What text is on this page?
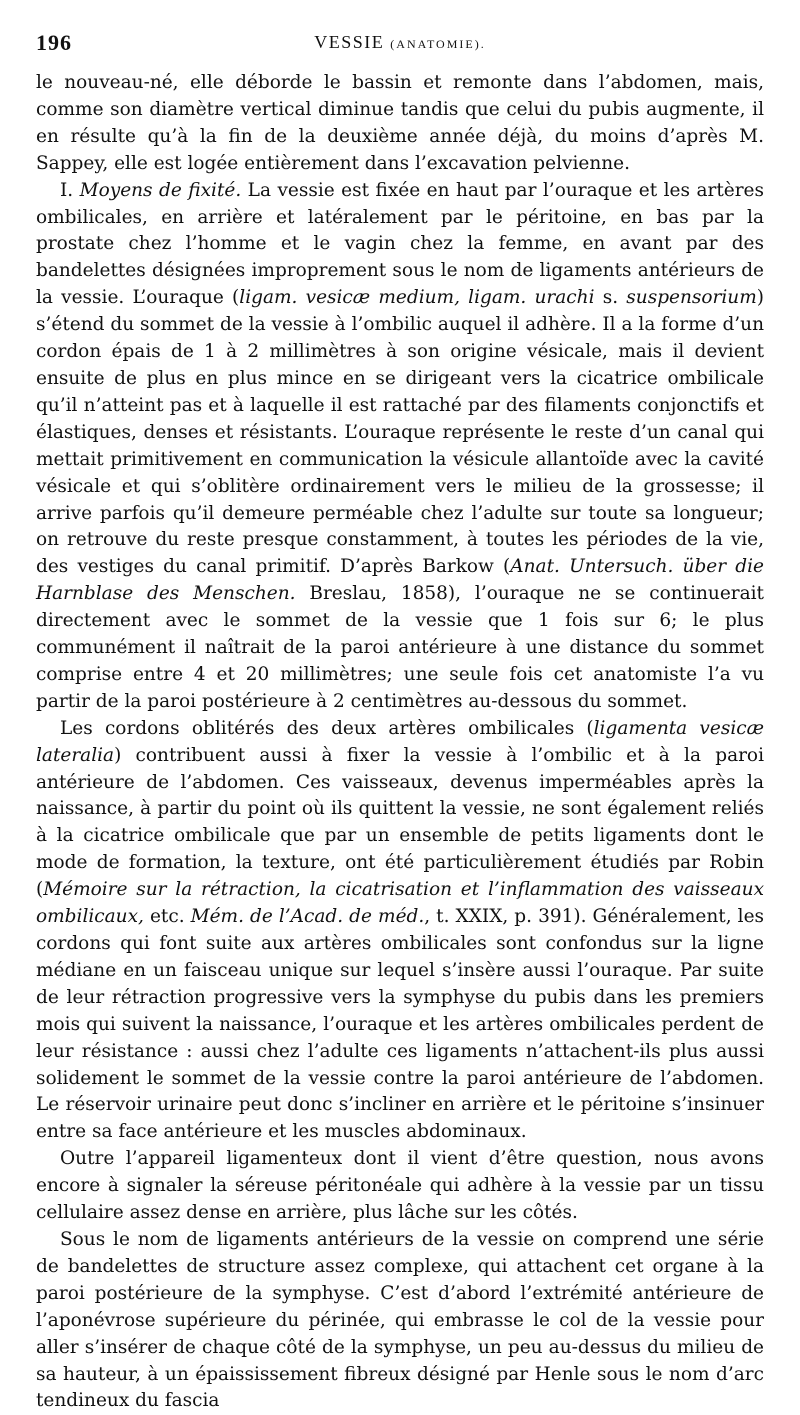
196	VESSIE (ANATOMIE).

le nouveau-né, elle déborde le bassin et remonte dans l’abdomen, mais, comme son diamètre vertical diminue tandis que celui du pubis augmente, il en résulte qu’à la fin de la deuxième année déjà, du moins d’après M. Sappey, elle est logée entièrement dans l’excavation pelvienne.

I. Moyens de fixité. La vessie est fixée en haut par l’ouraque et les artères ombilicales, en arrière et latéralement par le péritoine, en bas par la prostate chez l’homme et le vagin chez la femme, en avant par des bandelettes désignées improprement sous le nom de ligaments antérieurs de la vessie. L’ouraque (ligam. vesicæ medium, ligam. urachi s. suspensorium) s’étend du sommet de la vessie à l’ombilic auquel il adhère. Il a la forme d’un cordon épais de 1 à 2 millimètres à son origine vésicale, mais il devient ensuite de plus en plus mince en se dirigeant vers la cicatrice ombilicale qu’il n’atteint pas et à laquelle il est rattaché par des filaments conjonctifs et élastiques, denses et résistants. L’ouraque représente le reste d’un canal qui mettait primitivement en communication la vésicule allantoïde avec la cavité vésicale et qui s’oblitère ordinairement vers le milieu de la grossesse; il arrive parfois qu’il demeure perméable chez l’adulte sur toute sa longueur; on retrouve du reste presque constamment, à toutes les périodes de la vie, des vestiges du canal primitif. D’après Barkow (Anat. Untersuch. über die Harnblase des Menschen. Breslau, 1858), l’ouraque ne se continuerait directement avec le sommet de la vessie que 1 fois sur 6; le plus communément il naîtrait de la paroi antérieure à une distance du sommet comprise entre 4 et 20 millimètres; une seule fois cet anatomiste l’a vu partir de la paroi postérieure à 2 centimètres au-dessous du sommet.

Les cordons oblitérés des deux artères ombilicales (ligamenta vesicæ lateralia) contribuent aussi à fixer la vessie à l’ombilic et à la paroi antérieure de l’abdomen. Ces vaisseaux, devenus imperméables après la naissance, à partir du point où ils quittent la vessie, ne sont également reliés à la cicatrice ombilicale que par un ensemble de petits ligaments dont le mode de formation, la texture, ont été particulièrement étudiés par Robin (Mémoire sur la rétraction, la cicatrisation et l’inflammation des vaisseaux ombilicaux, etc. Mém. de l’Acad. de méd., t. XXIX, p. 391). Généralement, les cordons qui font suite aux artères ombilicales sont confondus sur la ligne médiane en un faisceau unique sur lequel s’insère aussi l’ouraque. Par suite de leur rétraction progressive vers la symphyse du pubis dans les premiers mois qui suivent la naissance, l’ouraque et les artères ombilicales perdent de leur résistance : aussi chez l’adulte ces ligaments n’attachent-ils plus aussi solidement le sommet de la vessie contre la paroi antérieure de l’abdomen. Le réservoir urinaire peut donc s’incliner en arrière et le péritoine s’insinuer entre sa face antérieure et les muscles abdominaux.

Outre l’appareil ligamenteux dont il vient d’être question, nous avons encore à signaler la séreuse péritonéale qui adhère à la vessie par un tissu cellulaire assez dense en arrière, plus lâche sur les côtés.

Sous le nom de ligaments antérieurs de la vessie on comprend une série de bandelettes de structure assez complexe, qui attachent cet organe à la paroi postérieure de la symphyse. C’est d’abord l’extrémité antérieure de l’aponévrose supérieure du périnée, qui embrasse le col de la vessie pour aller s’insérer de chaque côté de la symphyse, un peu au-dessus du milieu de sa hauteur, à un épaississement fibreux désigné par Henle sous le nom d’arc tendineux du fascia
